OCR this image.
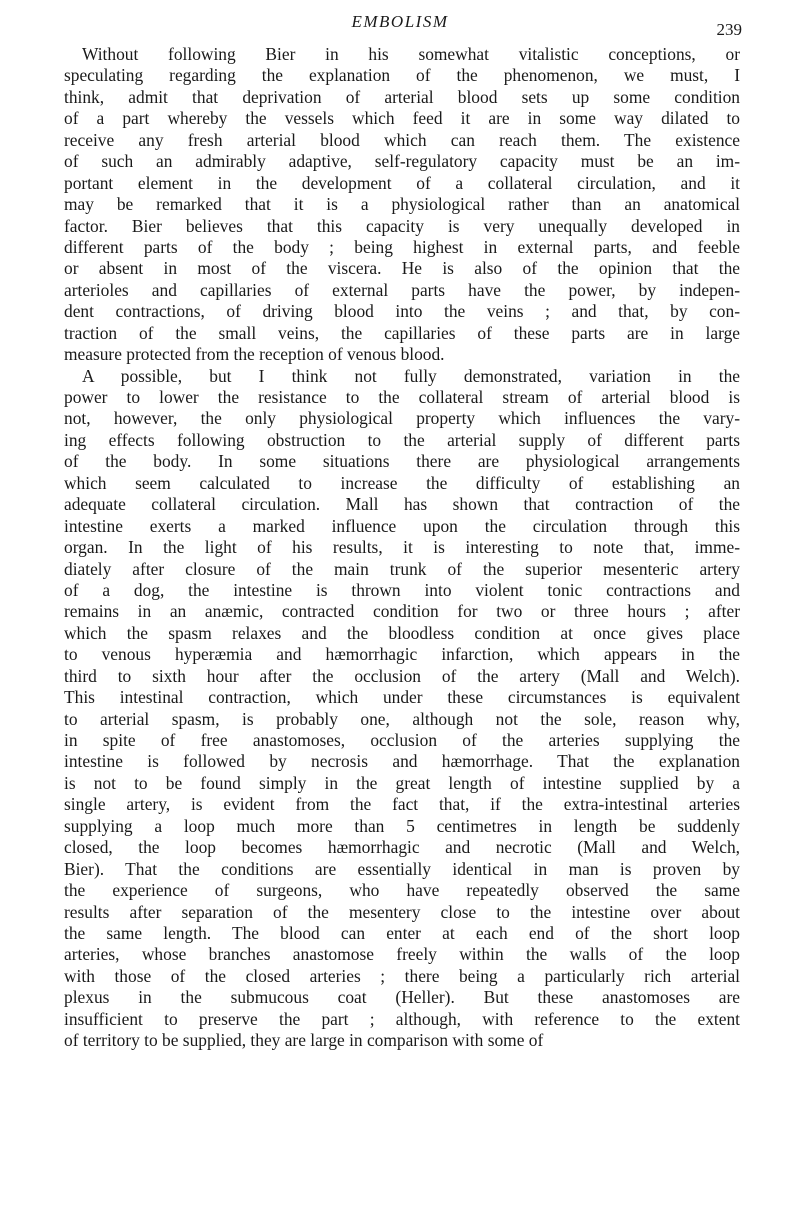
EMBOLISM	239
Without following Bier in his somewhat vitalistic conceptions, or
speculating regarding the explanation of the phenomenon, we must, I
think, admit that deprivation of arterial blood sets up some condition
of a part whereby the vessels which feed it are in some way dilated to
receive any fresh arterial blood which can reach them. The existence
of such an admirably adaptive, self-regulatory capacity must be an im-
portant element in the development of a collateral circulation, and it
may be remarked that it is a physiological rather than an anatomical
factor. Bier believes that this capacity is very unequally developed in
different parts of the body ; being highest in external parts, and feeble
or absent in most of the viscera. He is also of the opinion that the
arterioles and capillaries of external parts have the power, by indepen-
dent contractions, of driving blood into the veins ; and that, by con-
traction of the small veins, the capillaries of these parts are in large
measure protected from the reception of venous blood.
A possible, but I think not fully demonstrated, variation in the
power to lower the resistance to the collateral stream of arterial blood is
not, however, the only physiological property which influences the vary-
ing effects following obstruction to the arterial supply of different parts
of the body. In some situations there are physiological arrangements
which seem calculated to increase the difficulty of establishing an
adequate collateral circulation. Mall has shown that contraction of the
intestine exerts a marked influence upon the circulation through this
organ. In the light of his results, it is interesting to note that, imme-
diately after closure of the main trunk of the superior mesenteric artery
of a dog, the intestine is thrown into violent tonic contractions and
remains in an anæmic, contracted condition for two or three hours ; after
which the spasm relaxes and the bloodless condition at once gives place
to venous hyperæmia and hæmorrhagic infarction, which appears in the
third to sixth hour after the occlusion of the artery (Mall and Welch).
This intestinal contraction, which under these circumstances is equivalent
to arterial spasm, is probably one, although not the sole, reason why,
in spite of free anastomoses, occlusion of the arteries supplying the
intestine is followed by necrosis and hæmorrhage. That the explanation
is not to be found simply in the great length of intestine supplied by a
single artery, is evident from the fact that, if the extra-intestinal arteries
supplying a loop much more than 5 centimetres in length be suddenly
closed, the loop becomes hæmorrhagic and necrotic (Mall and Welch,
Bier). That the conditions are essentially identical in man is proven by
the experience of surgeons, who have repeatedly observed the same
results after separation of the mesentery close to the intestine over about
the same length. The blood can enter at each end of the short loop
arteries, whose branches anastomose freely within the walls of the loop
with those of the closed arteries ; there being a particularly rich arterial
plexus in the submucous coat (Heller). But these anastomoses are
insufficient to preserve the part ; although, with reference to the extent
of territory to be supplied, they are large in comparison with some of
